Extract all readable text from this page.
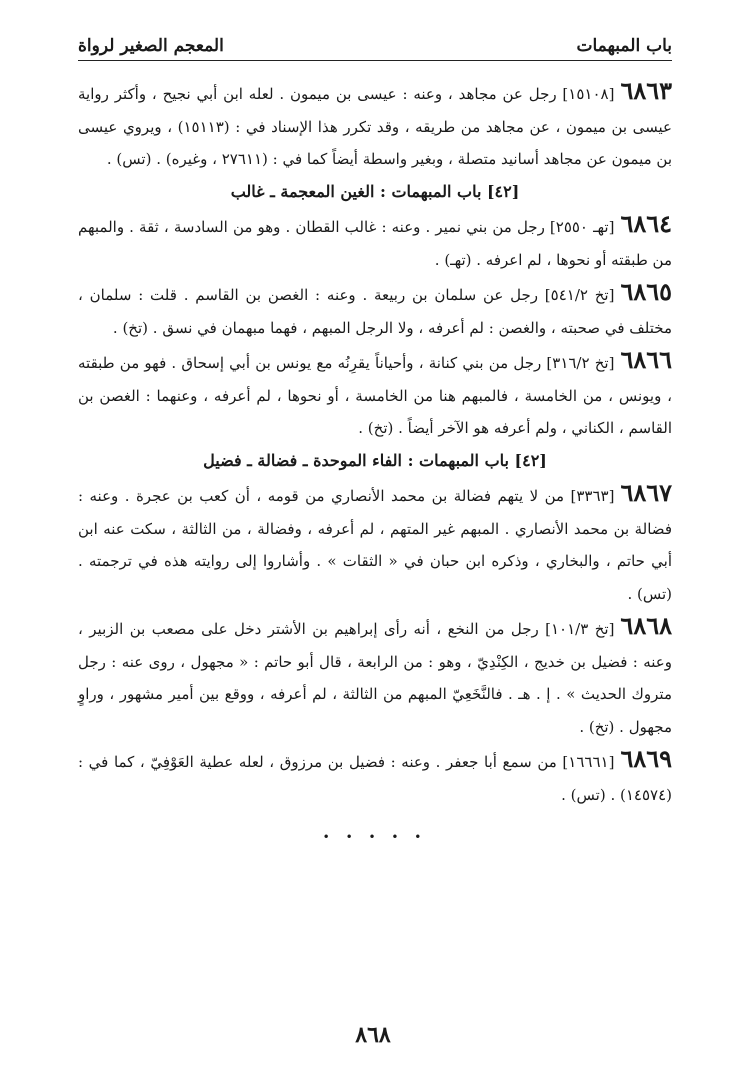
باب المبهمات
المعجم الصغير لرواة

٦٨٦٣[١٥١٠٨] رجل عن مجاهد ، وعنه : عيسى بن ميمون . لعله ابن أبي نجيح ، وأكثر رواية عيسى بن ميمون ، عن مجاهد من طريقه ، وقد تكرر هذا الإسناد في : (١٥١١٣) ، ويروي عيسى بن ميمون عن مجاهد أسانيد متصلة ، وبغير واسطة أيضاً كما في : (٢٧٦١١ ، وغيره) . (تس) .

[٤٢] باب المبهمات : الغين المعجمة ـ غالب

٦٨٦٤[تهـ ٢٥٥٠] رجل من بني نمير . وعنه : غالب القطان . وهو من السادسة ، ثقة . والمبهم من طبقته أو نحوها ، لم اعرفه . (تهـ) .

٦٨٦٥[تخ ٥٤١/٢] رجل عن سلمان بن ربيعة . وعنه : الغصن بن القاسم . قلت : سلمان ، مختلف في صحبته ، والغصن : لم أعرفه ، ولا الرجل المبهم ، فهما مبهمان في نسق . (تخ) .

٦٨٦٦[تخ ٣١٦/٢] رجل من بني كنانة ، وأحياناً يقرِنُه مع يونس بن أبي إسحاق . فهو من طبقته ، ويونس ، من الخامسة ، فالمبهم هنا من الخامسة ، أو نحوها ، لم أعرفه ، وعنهما : الغصن بن القاسم ، الكناني ، ولم أعرفه هو الآخر أيضاً . (تخ) .

[٤٢] باب المبهمات : الفاء الموحدة ـ فضالة ـ فضيل

٦٨٦٧[٣٣٦٣] من لا يتهم فضالة بن محمد الأنصاري من قومه ، أن كعب بن عجرة . وعنه : فضالة بن محمد الأنصاري . المبهم غير المتهم ، لم أعرفه ، وفضالة ، من الثالثة ، سكت عنه ابن أبي حاتم ، والبخاري ، وذكره ابن حبان في « الثقات » . وأشاروا إلى روايته هذه في ترجمته . (تس) .

٦٨٦٨[تخ ١٠١/٣] رجل من النخع ، أنه رأى إبراهيم بن الأشتر دخل على مصعب بن الزبير ، وعنه : فضيل بن خديج ، الكِنْدِيّ ، وهو : من الرابعة ، قال أبو حاتم : « مجهول ، روى عنه : رجل متروك الحديث » . إ . هـ . فالنَّخَعِيّ المبهم من الثالثة ، لم أعرفه ، ووقع بين أمير مشهور ، وراوٍ مجهول . (تخ) .

٦٨٦٩[١٦٦٦١] من سمع أبا جعفر . وعنه : فضيل بن مرزوق ، لعله عطية العَوْفِيّ ، كما في : (١٤٥٧٤) . (تس) .

• • • • •
٨٦٨
